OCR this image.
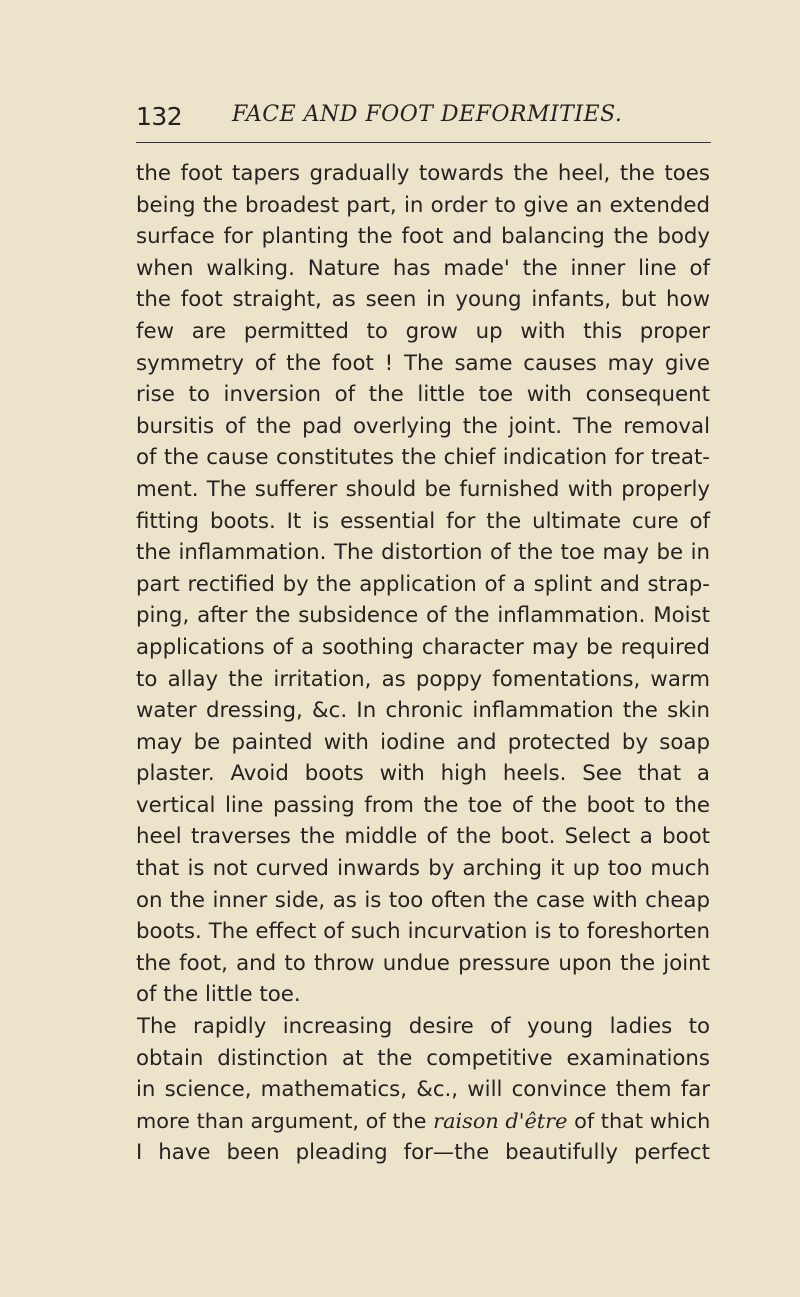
132 FACE AND FOOT DEFORMITIES.
the foot tapers gradually towards the heel, the toes
being the broadest part, in order to give an extended
surface for planting the foot and balancing the body
when walking. Nature has made' the inner line of
the foot straight, as seen in young infants, but how
few are permitted to grow up with this proper
symmetry of the foot ! The same causes may give
rise to inversion of the little toe with consequent
bursitis of the pad overlying the joint. The removal
of the cause constitutes the chief indication for treat-
ment. The sufferer should be furnished with properly
fitting boots. It is essential for the ultimate cure of
the inflammation. The distortion of the toe may be in
part rectified by the application of a splint and strap-
ping, after the subsidence of the inflammation. Moist
applications of a soothing character may be required
to allay the irritation, as poppy fomentations, warm
water dressing, &c. In chronic inflammation the skin
may be painted with iodine and protected by soap
plaster. Avoid boots with high heels. See that a
vertical line passing from the toe of the boot to the
heel traverses the middle of the boot. Select a boot
that is not curved inwards by arching it up too much
on the inner side, as is too often the case with cheap
boots. The effect of such incurvation is to foreshorten
the foot, and to throw undue pressure upon the joint
of the little toe.
The rapidly increasing desire of young ladies to
obtain distinction at the competitive examinations
in science, mathematics, &c., will convince them far
more than argument, of the raison d'être of that which
I have been pleading for—the beautifully perfect
